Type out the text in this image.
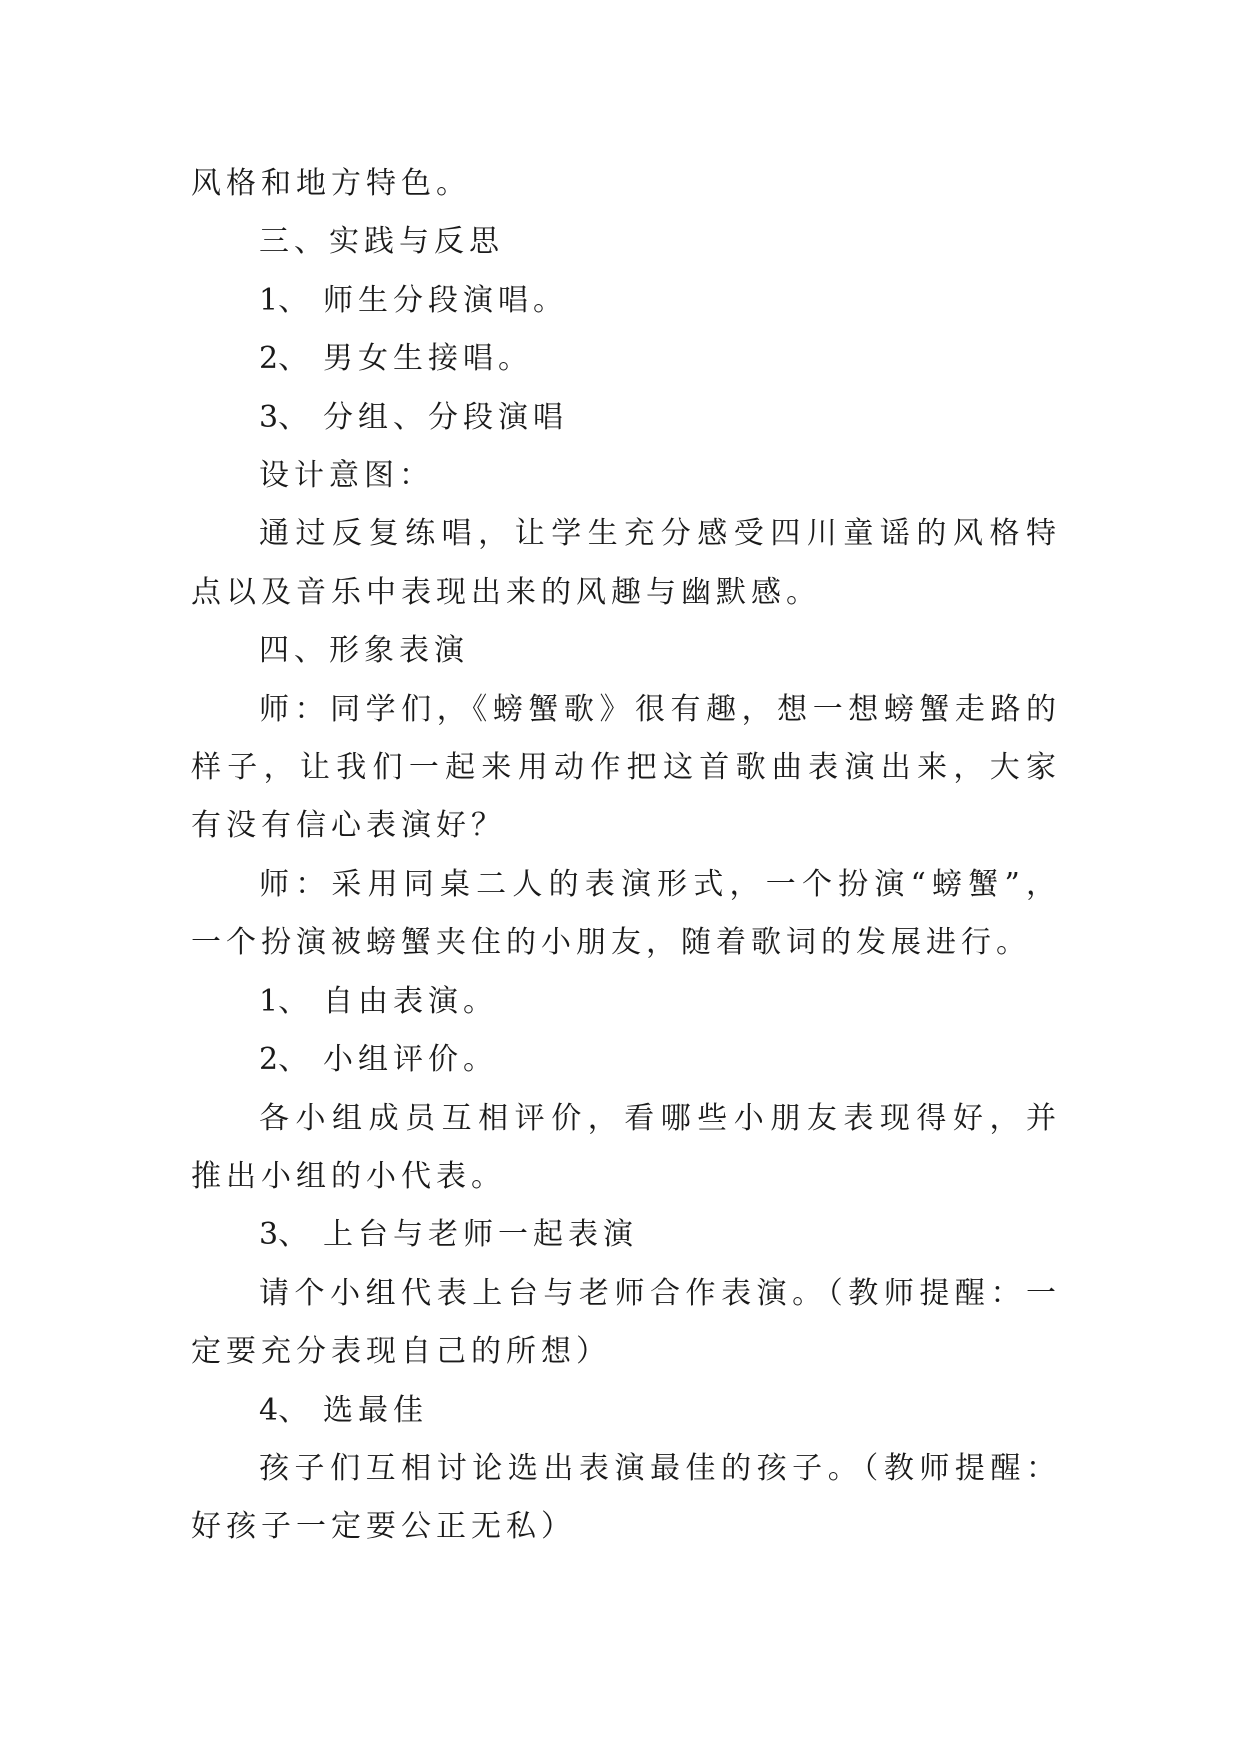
风格和地方特色。

三、实践与反思

1、 师生分段演唱。

2、 男女生接唱。

3、 分组、分段演唱

设计意图：

通过反复练唱，让学生充分感受四川童谣的风格特点以及音乐中表现出来的风趣与幽默感。

四、形象表演

师：同学们，《螃蟹歌》很有趣，想一想螃蟹走路的样子，让我们一起来用动作把这首歌曲表演出来，大家有没有信心表演好？

师：采用同桌二人的表演形式，一个扮演“螃蟹”，一个扮演被螃蟹夹住的小朋友，随着歌词的发展进行。

1、 自由表演。

2、 小组评价。

各小组成员互相评价，看哪些小朋友表现得好，并推出小组的小代表。

3、 上台与老师一起表演

请个小组代表上台与老师合作表演。（教师提醒：一定要充分表现自己的所想）

4、 选最佳

孩子们互相讨论选出表演最佳的孩子。（教师提醒：好孩子一定要公正无私）
